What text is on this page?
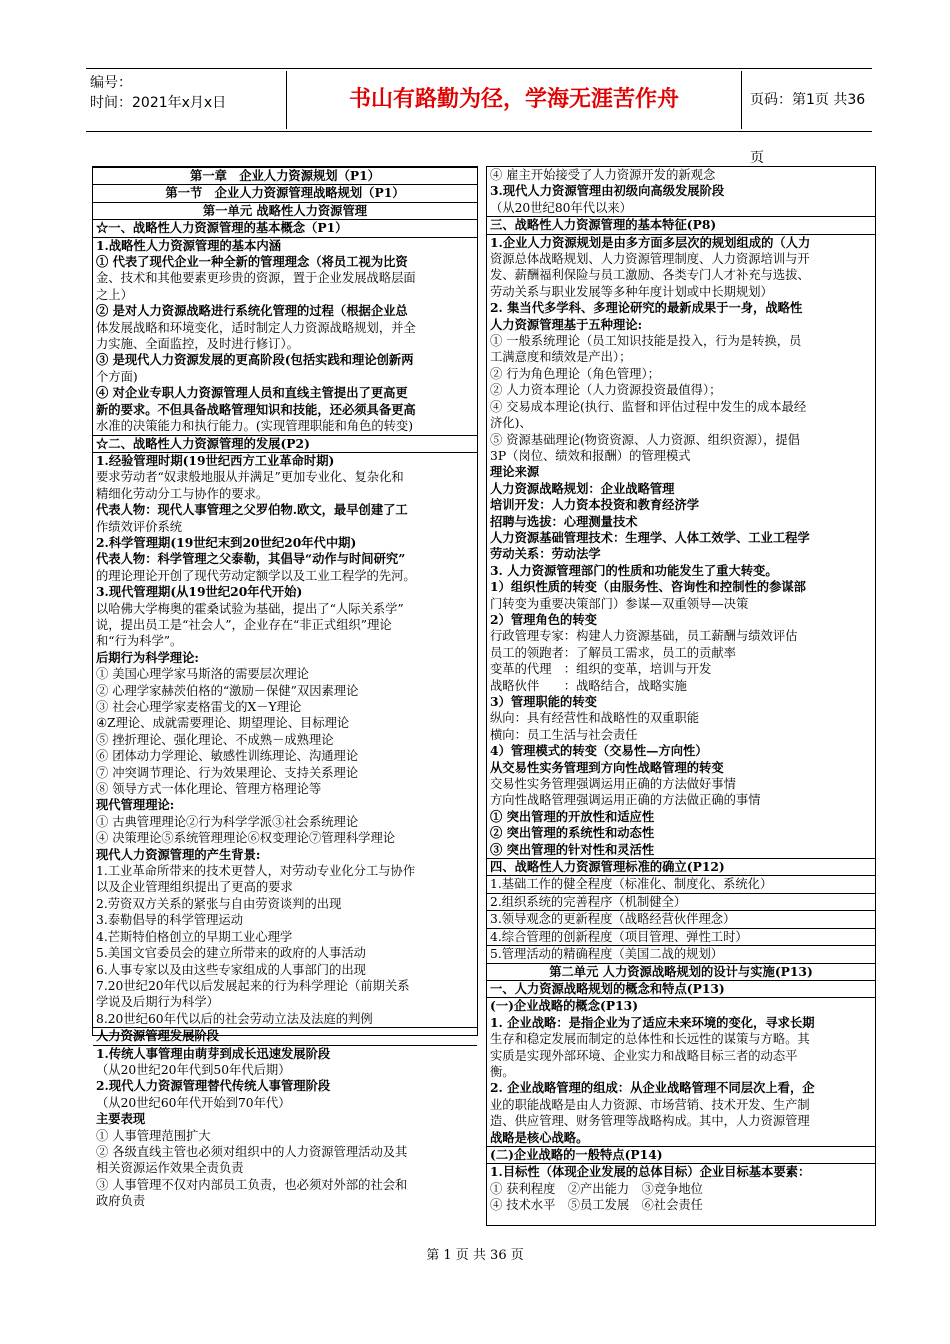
编号：
时间：2021年x月x日	书山有路勤为径，学海无涯苦作舟	页码：第1页 共36页
第一章　企业人力资源规划（P1）
第一节　企业人力资源管理战略规划（P1）
第一单元 战略性人力资源管理
☆一、战略性人力资源管理的基本概念（P1）
1.战略性人力资源管理的基本内涵
① 代表了现代企业一种全新的管理理念（将员工视为比资
金、技术和其他要素更珍贵的资源，置于企业发展战略层面
之上）
② 是对人力资源战略进行系统化管理的过程（根据企业总
体发展战略和环境变化，适时制定人力资源战略规划，并全
力实施、全面监控，及时进行修订）。
③ 是现代人力资源发展的更高阶段(包括实践和理论创新两
个方面)
④ 对企业专职人力资源管理人员和直线主管提出了更高更
新的要求。不但具备战略管理知识和技能，还必须具备更高
水准的决策能力和执行能力。(实现管理职能和角色的转变)
☆二、战略性人力资源管理的发展(P2)
1.经验管理时期(19世纪西方工业革命时期)
要求劳动者“奴隶般地服从并满足”更加专业化、复杂化和
精细化劳动分工与协作的要求。
代表人物：现代人事管理之父罗伯物.欧文，最早创建了工
作绩效评价系统
2.科学管理期(19世纪末到20世纪20年代中期)
代表人物：科学管理之父泰勒，其倡导“动作与时间研究”
的理论理论开创了现代劳动定额学以及工业工程学的先河。
3.现代管理期(从19世纪20年代开始)
以哈佛大学梅奥的霍桑试验为基础，提出了“人际关系学”
说，提出员工是“社会人”，企业存在“非正式组织”理论
和“行为科学”。
后期行为科学理论:
① 美国心理学家马斯洛的需要层次理论
② 心理学家赫茨伯格的“激励－保健”双因素理论
③ 社会心理学家麦格雷戈的X－Y理论
④Z理论、成就需要理论、期望理论、目标理论
⑤ 挫折理论、强化理论、不成熟－成熟理论
⑥ 团体动力学理论、敏感性训练理论、沟通理论
⑦ 冲突调节理论、行为效果理论、支持关系理论
⑧ 领导方式一体化理论、管理方格理论等
现代管理理论:
① 古典管理理论②行为科学学派③社会系统理论
④ 决策理论⑤系统管理理论⑥权变理论⑦管理科学理论
现代人力资源管理的产生背景:
1.工业革命所带来的技术更替人，对劳动专业化分工与协作
以及企业管理组织提出了更高的要求
2.劳资双方关系的紧张与自由劳资谈判的出现
3.泰勒倡导的科学管理运动
4.芒斯特伯格创立的早期工业心理学
5.美国文官委员会的建立所带来的政府的人事活动
6.人事专家以及由这些专家组成的人事部门的出现
7.20世纪20年代以后发展起来的行为科学理论（前期关系
学说及后期行为科学）
8.20世纪60年代以后的社会劳动立法及法庭的判例
人力资源管理发展阶段
1.传统人事管理由萌芽到成长迅速发展阶段
（从20世纪20年代到50年代后期）
2.现代人力资源管理替代传统人事管理阶段
（从20世纪60年代开始到70年代）
主要表现
① 人事管理范围扩大
② 各级直线主管也必须对组织中的人力资源管理活动及其
相关资源运作效果全责负责
③ 人事管理不仅对内部员工负责，也必须对外部的社会和
政府负责
④ 雇主开始接受了人力资源开发的新观念
3.现代人力资源管理由初级向高级发展阶段
（从20世纪80年代以来）
三、战略性人力资源管理的基本特征(P8)
1.企业人力资源规划是由多方面多层次的规划组成的（人力
资源总体战略规划、人力资源管理制度、人力资源培训与开
发、薪酬福利保险与员工激励、各类专门人才补充与选拔、
劳动关系与职业发展等多种年度计划或中长期规划）
2. 集当代多学科、多理论研究的最新成果于一身，战略性
人力资源管理基于五种理论:
① 一般系统理论（员工知识技能是投入，行为是转换，员
工满意度和绩效是产出）；
② 行为角色理论（角色管理）；
② 人力资本理论（人力资源投资最值得）；
④ 交易成本理论(执行、监督和评估过程中发生的成本最经
济化)、
⑤ 资源基础理论(物资资源、人力资源、组织资源），提倡
3P（岗位、绩效和报酬）的管理模式
理论来源
人力资源战略规划：企业战略管理
培训开发：人力资本投资和教育经济学
招聘与选拔：心理测量技术
人力资源基础管理技术：生理学、人体工效学、工业工程学
劳动关系：劳动法学
3. 人力资源管理部门的性质和功能发生了重大转变。
1）组织性质的转变（由服务性、咨询性和控制性的参谋部
门转变为重要决策部门）参谋—双重领导—决策
2）管理角色的转变
行政管理专家：构建人力资源基础，员工薪酬与绩效评估
员工的领跑者：了解员工需求，员工的贡献率
变革的代理　：组织的变革，培训与开发
战略伙伴　　：战略结合，战略实施
3）管理职能的转变
纵向：具有经营性和战略性的双重职能
横向：员工生活与社会责任
4）管理模式的转变（交易性—方向性）
从交易性实务管理到方向性战略管理的转变
交易性实务管理强调运用正确的方法做好事情
方向性战略管理强调运用正确的方法做正确的事情
① 突出管理的开放性和适应性
② 突出管理的系统性和动态性
③ 突出管理的针对性和灵活性
四、战略性人力资源管理标准的确立(P12)
1.基础工作的健全程度（标准化、制度化、系统化）
2.组织系统的完善程序（机制健全）
3.领导观念的更新程度（战略经营伙伴理念）
4.综合管理的创新程度（项目管理、弹性工时）
5.管理活动的精确程度（美国二战的规划）
第二单元 人力资源战略规划的设计与实施(P13)
一、人力资源战略规划的概念和特点(P13)
(一)企业战略的概念(P13)
1. 企业战略：是指企业为了适应未来环境的变化，寻求长期
生存和稳定发展而制定的总体性和长远性的谋策与方略。其
实质是实现外部环境、企业实力和战略目标三者的动态平
衡。
2. 企业战略管理的组成：从企业战略管理不同层次上看，企
业的职能战略是由人力资源、市场营销、技术开发、生产制
造、供应管理、财务管理等战略构成。其中，人力资源管理
战略是核心战略。
(二)企业战略的一般特点(P14)
1.目标性（体现企业发展的总体目标）企业目标基本要素：
① 获利程度　②产出能力　③竞争地位
④ 技术水平　⑤员工发展　⑥社会责任
第 1 页 共 36 页
